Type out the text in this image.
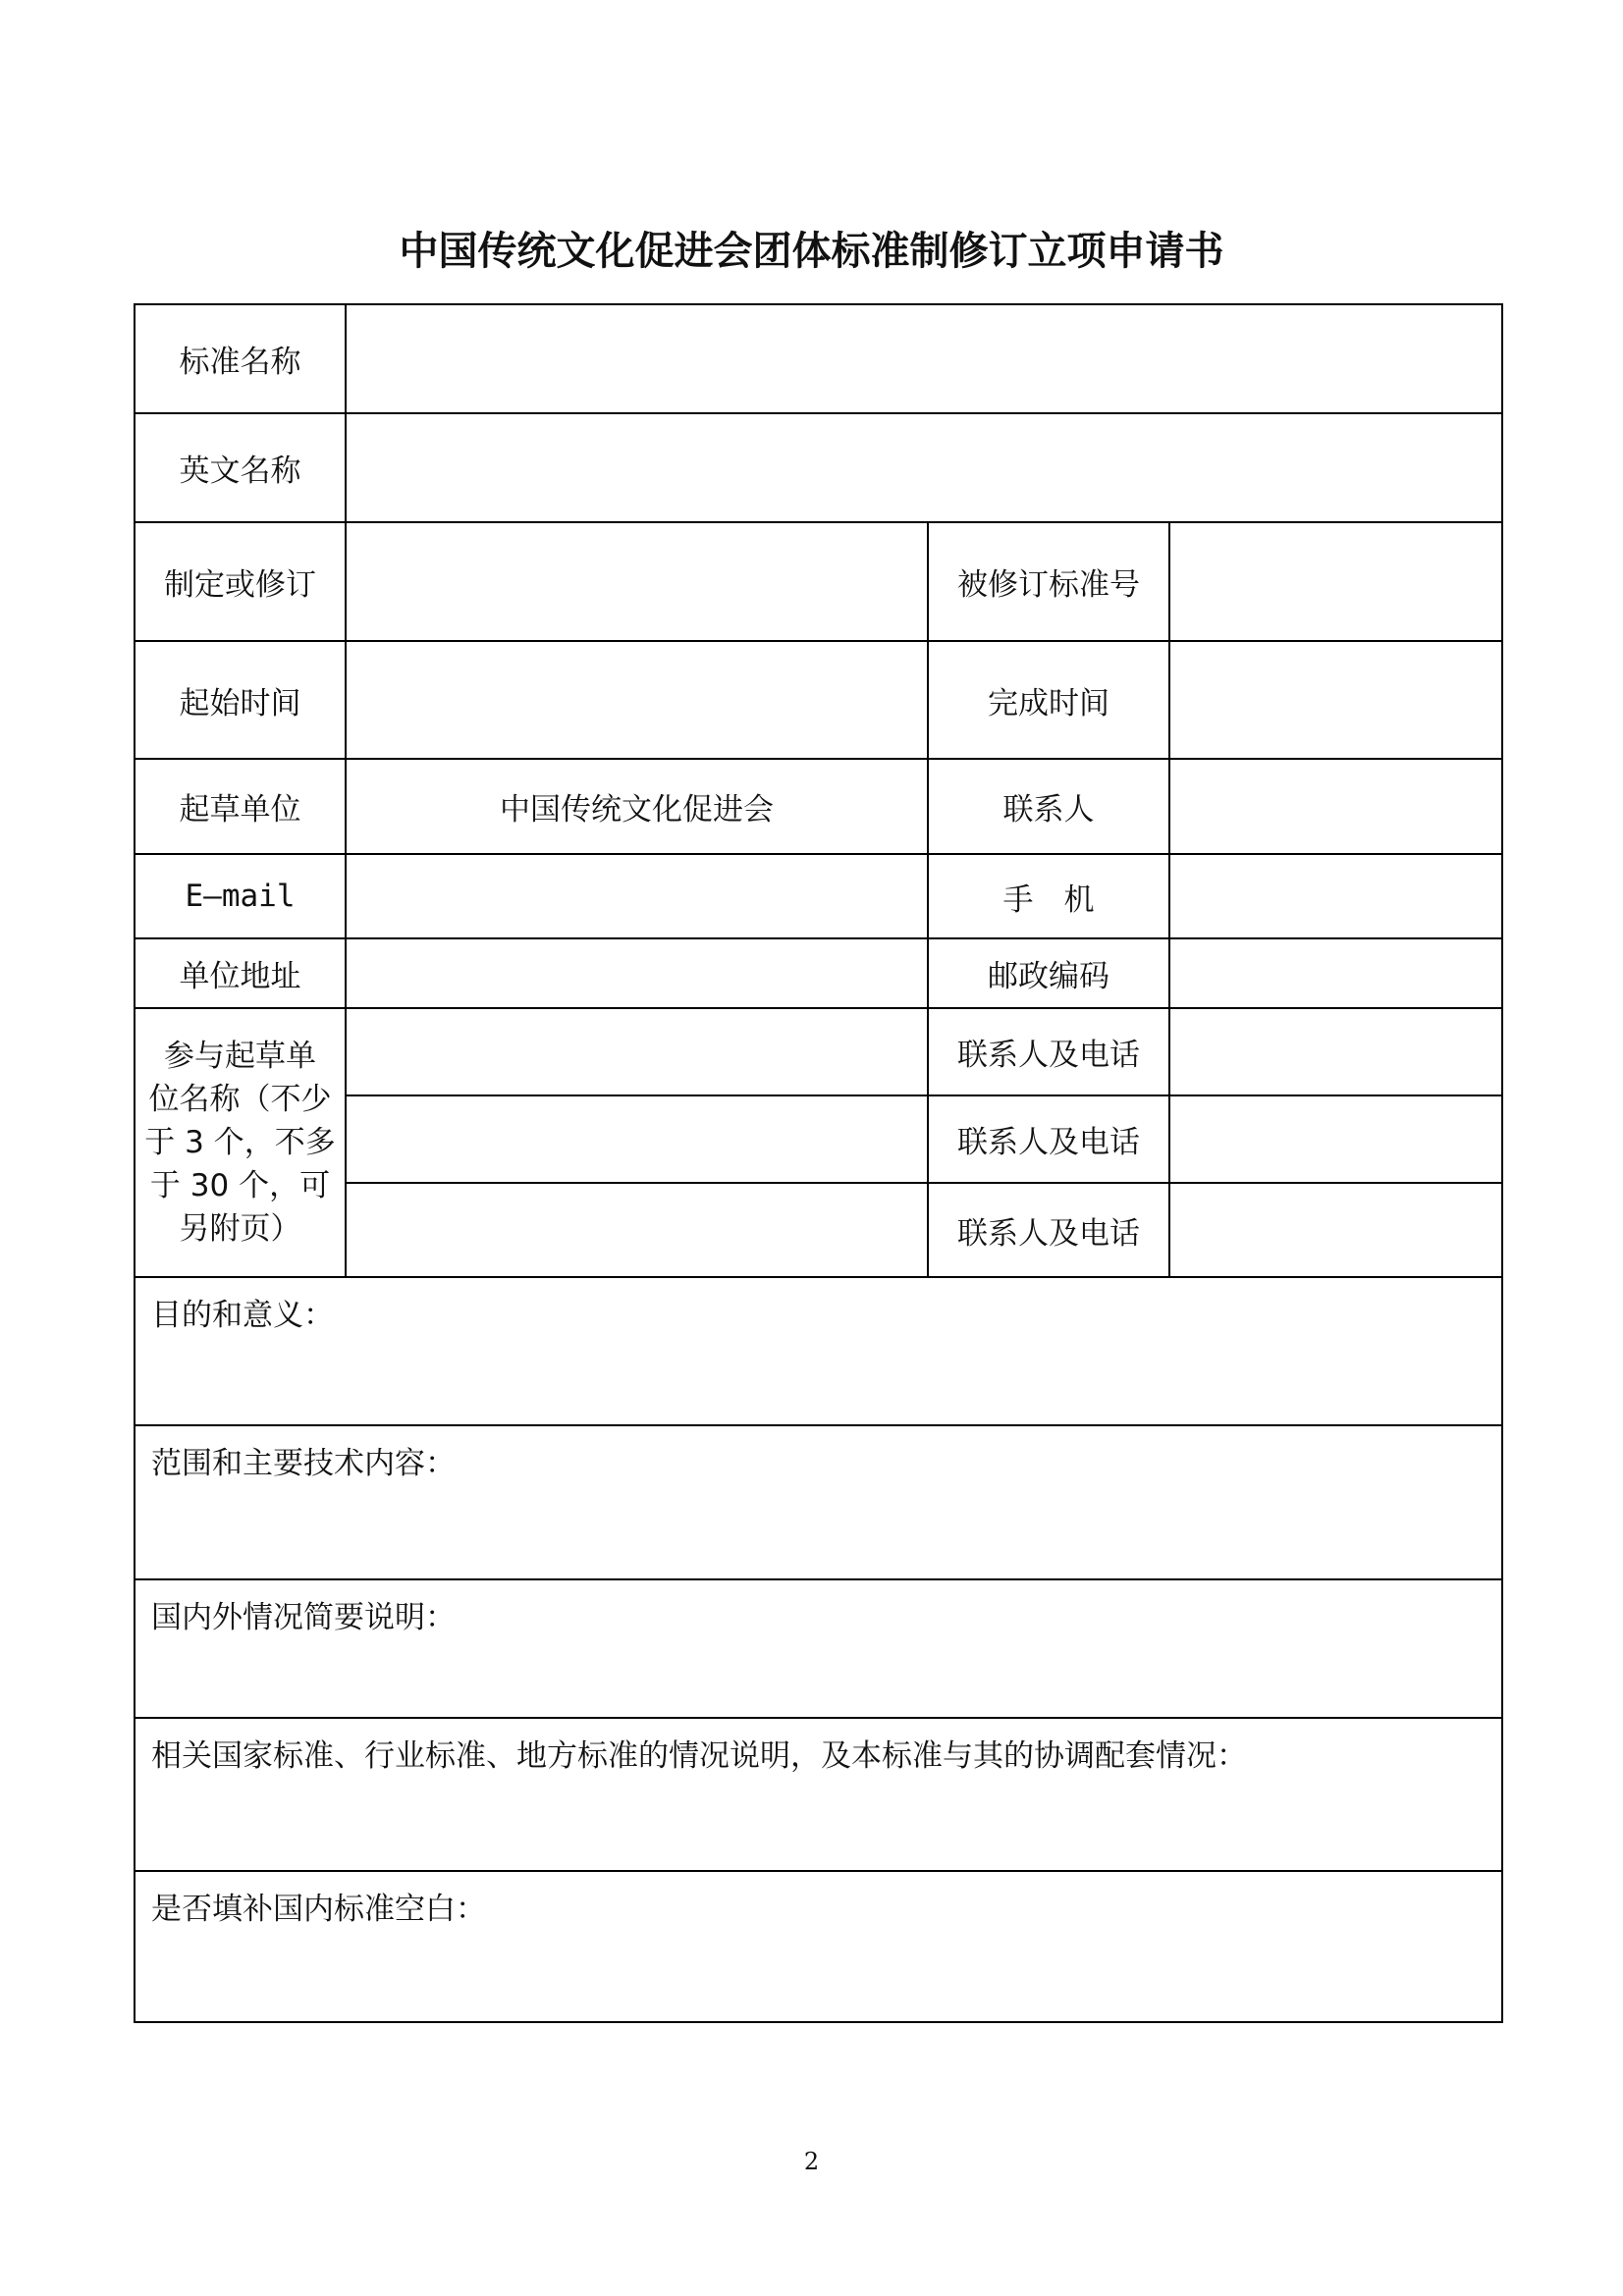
中国传统文化促进会团体标准制修订立项申请书
标准名称			
英文名称			
制定或修订		被修订标准号	
起始时间		完成时间	
起草单位	中国传统文化促进会	联系人	
E—mail		手　机	
单位地址		邮政编码	

参与起草单
位名称（不少
于 3 个，不多
于 30 个，可
另附页）		联系人及电话	
		联系人及电话	
		联系人及电话	
目的和意义：			
范围和主要技术内容：			
国内外情况简要说明：			
相关国家标准、行业标准、地方标准的情况说明，及本标准与其的协调配套情况：			
是否填补国内标准空白：			
2
